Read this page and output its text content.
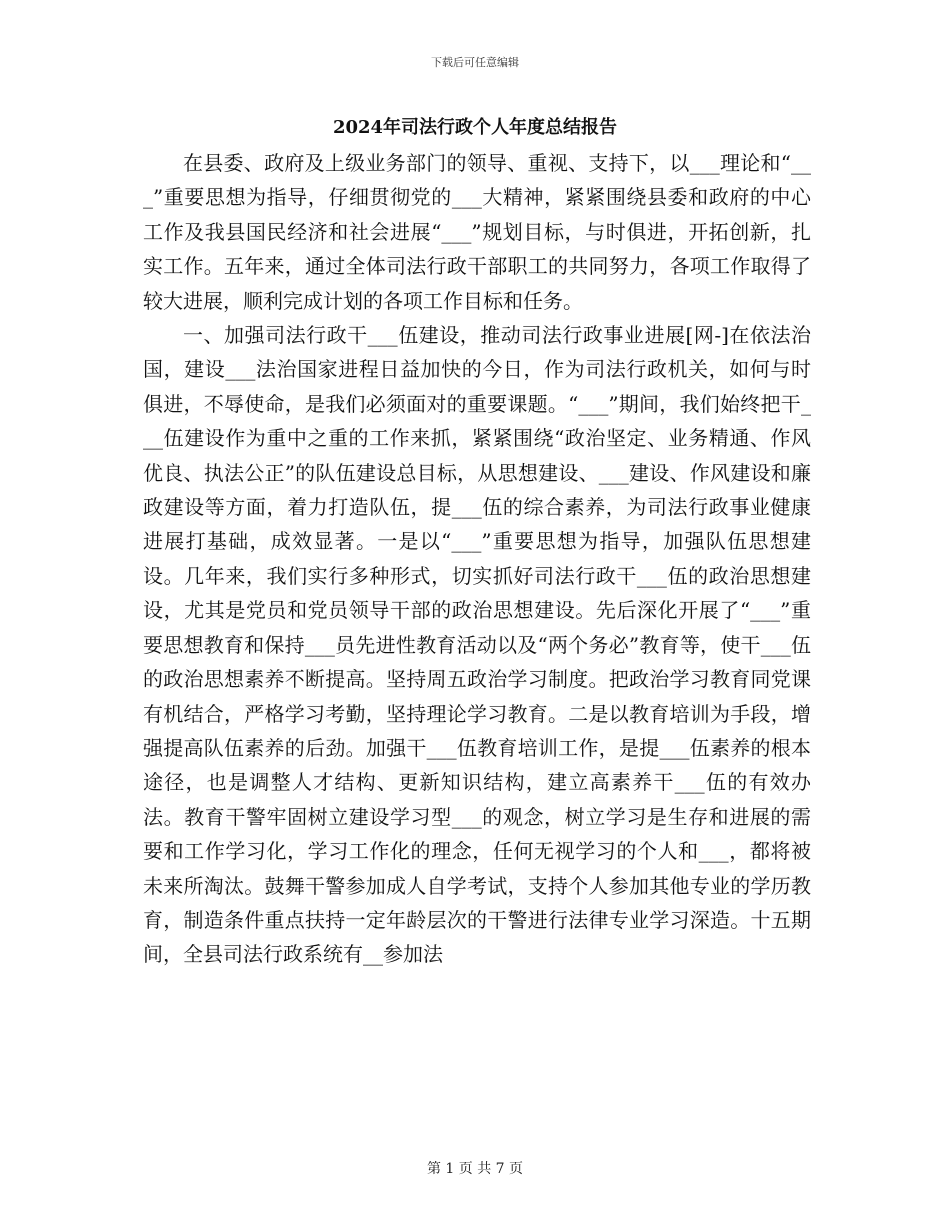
下载后可任意编辑
2024年司法行政个人年度总结报告

在县委、政府及上级业务部门的领导、重视、支持下，以___理论和“___”重要思想为指导，仔细贯彻党的___大精神，紧紧围绕县委和政府的中心工作及我县国民经济和社会进展“___”规划目标，与时俱进，开拓创新，扎实工作。五年来，通过全体司法行政干部职工的共同努力，各项工作取得了较大进展，顺利完成计划的各项工作目标和任务。

一、加强司法行政干___伍建设，推动司法行政事业进展[网-]在依法治国，建设___法治国家进程日益加快的今日，作为司法行政机关，如何与时俱进，不辱使命，是我们必须面对的重要课题。“___”期间，我们始终把干___伍建设作为重中之重的工作来抓，紧紧围绕“政治坚定、业务精通、作风优良、执法公正”的队伍建设总目标，从思想建设、___建设、作风建设和廉政建设等方面，着力打造队伍，提___伍的综合素养，为司法行政事业健康进展打基础，成效显著。一是以“___”重要思想为指导，加强队伍思想建设。几年来，我们实行多种形式，切实抓好司法行政干___伍的政治思想建设，尤其是党员和党员领导干部的政治思想建设。先后深化开展了“___”重要思想教育和保持___员先进性教育活动以及“两个务必”教育等，使干___伍的政治思想素养不断提高。坚持周五政治学习制度。把政治学习教育同党课有机结合，严格学习考勤，坚持理论学习教育。二是以教育培训为手段，增强提高队伍素养的后劲。加强干___伍教育培训工作，是提___伍素养的根本途径，也是调整人才结构、更新知识结构，建立高素养干___伍的有效办法。教育干警牢固树立建设学习型___的观念，树立学习是生存和进展的需要和工作学习化，学习工作化的理念，任何无视学习的个人和___，都将被未来所淘汰。鼓舞干警参加成人自学考试，支持个人参加其他专业的学历教育，制造条件重点扶持一定年龄层次的干警进行法律专业学习深造。十五期间，全县司法行政系统有__参加法

第 1 页 共 7 页
